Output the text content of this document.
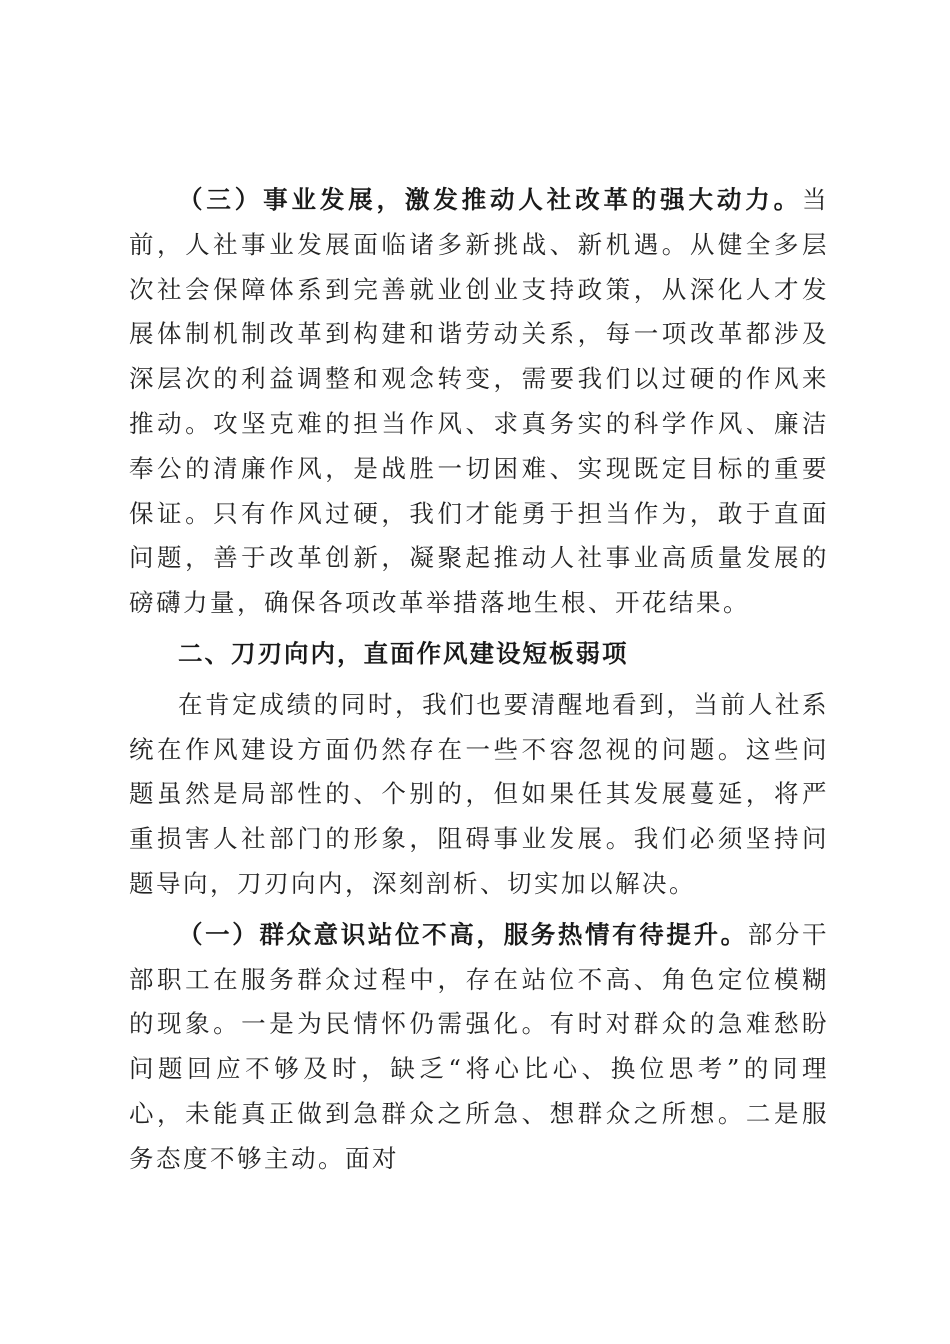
（三）事业发展，激发推动人社改革的强大动力。当前，人社事业发展面临诸多新挑战、新机遇。从健全多层次社会保障体系到完善就业创业支持政策，从深化人才发展体制机制改革到构建和谐劳动关系，每一项改革都涉及深层次的利益调整和观念转变，需要我们以过硬的作风来推动。攻坚克难的担当作风、求真务实的科学作风、廉洁奉公的清廉作风，是战胜一切困难、实现既定目标的重要保证。只有作风过硬，我们才能勇于担当作为，敢于直面问题，善于改革创新，凝聚起推动人社事业高质量发展的磅礴力量，确保各项改革举措落地生根、开花结果。

二、刀刃向内，直面作风建设短板弱项

在肯定成绩的同时，我们也要清醒地看到，当前人社系统在作风建设方面仍然存在一些不容忽视的问题。这些问题虽然是局部性的、个别的，但如果任其发展蔓延，将严重损害人社部门的形象，阻碍事业发展。我们必须坚持问题导向，刀刃向内，深刻剖析、切实加以解决。

（一）群众意识站位不高，服务热情有待提升。部分干部职工在服务群众过程中，存在站位不高、角色定位模糊的现象。一是为民情怀仍需强化。有时对群众的急难愁盼问题回应不够及时，缺乏“将心比心、换位思考”的同理心，未能真正做到急群众之所急、想群众之所想。二是服务态度不够主动。面对
